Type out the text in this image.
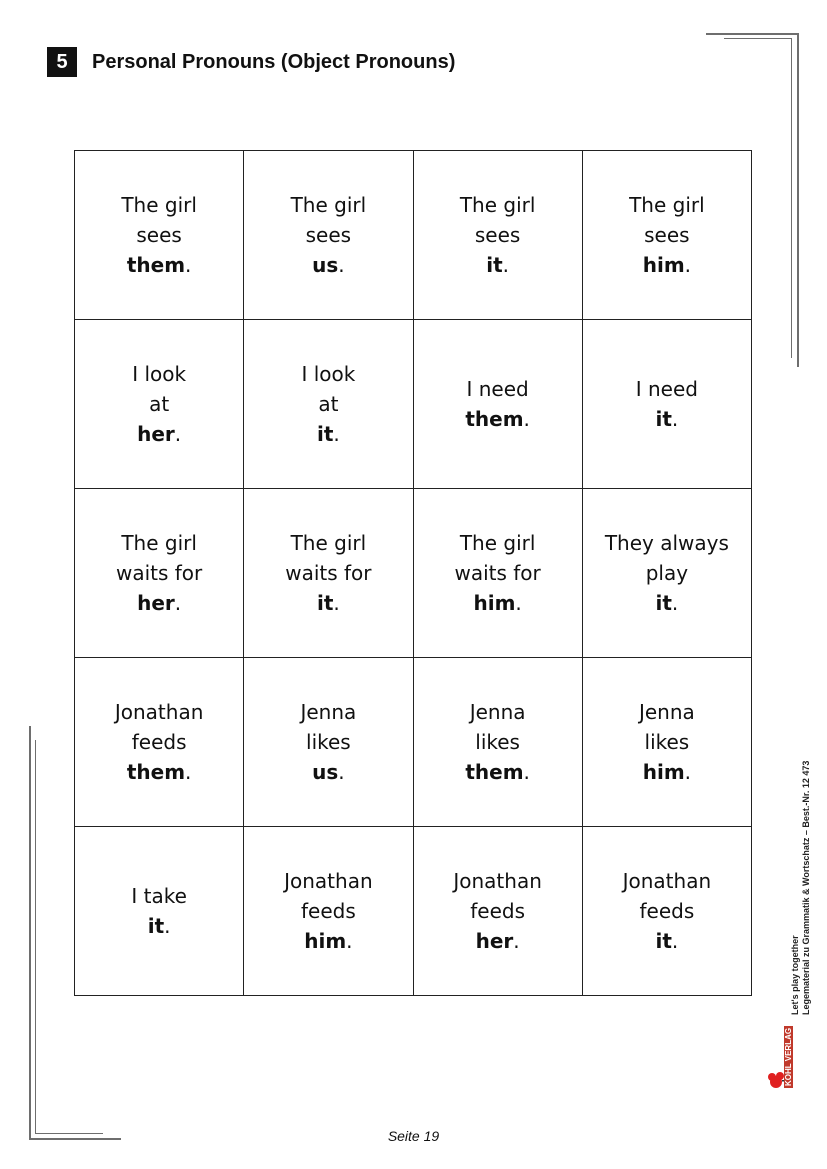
5	Personal Pronouns (Object Pronouns)
The girl
sees
them.
The girl
sees
us.
The girl
sees
it.
The girl
sees
him.
I look
at
her.
I look
at
it.
I need
them.
I need
it.
The girl
waits for
her.
The girl
waits for
it.
The girl
waits for
him.
They always
play
it.
Jonathan
feeds
them.
Jenna
likes
us.
Jenna
likes
them.
Jenna
likes
him.
I take
it.
Jonathan
feeds
him.
Jonathan
feeds
her.
Jonathan
feeds
it.	Let's play together Legematerial zu Grammatik & Wortschatz – Best.-Nr. 12 473
KOHL VERLAG
Seite 19
